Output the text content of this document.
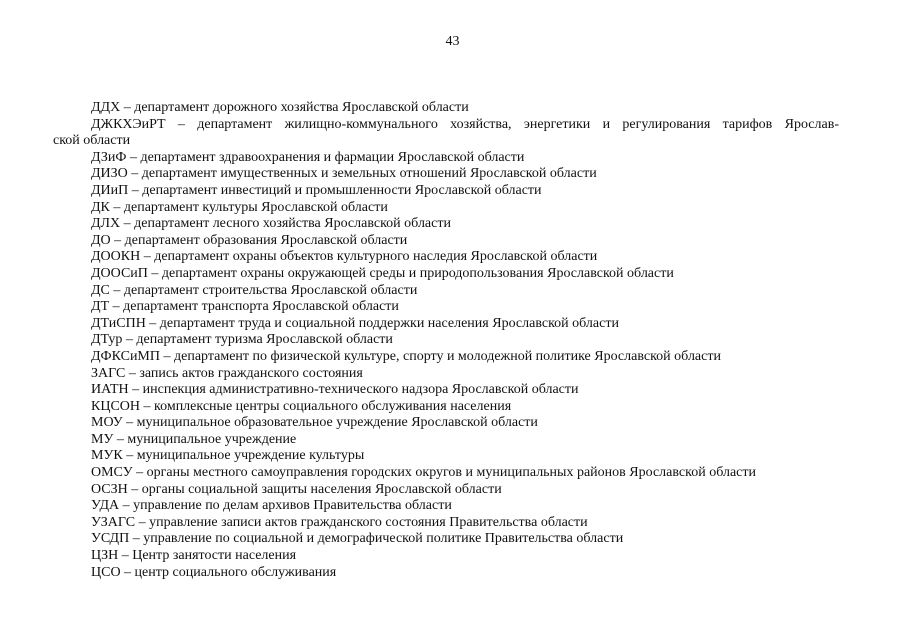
43
ДДХ – департамент дорожного хозяйства Ярославской области
ДЖКХЭиРТ – департамент жилищно-коммунального хозяйства, энергетики и регулирования тарифов Ярослав-
ской области
ДЗиФ – департамент здравоохранения и фармации Ярославской области
ДИЗО – департамент имущественных и земельных отношений Ярославской области
ДИиП – департамент инвестиций и промышленности Ярославской области
ДК – департамент культуры Ярославской области
ДЛХ – департамент лесного хозяйства Ярославской области
ДО – департамент образования Ярославской области
ДООКН – департамент охраны объектов культурного наследия Ярославской области
ДООСиП – департамент охраны окружающей среды и природопользования Ярославской области
ДС – департамент строительства Ярославской области
ДТ – департамент транспорта Ярославской области
ДТиСПН – департамент труда и социальной поддержки населения Ярославской области
ДТур – департамент туризма Ярославской области
ДФКСиМП – департамент по физической культуре, спорту и молодежной политике Ярославской области
ЗАГС – запись актов гражданского состояния
ИАТН – инспекция административно-технического надзора Ярославской области
КЦСОН – комплексные центры социального обслуживания населения
МОУ – муниципальное образовательное учреждение Ярославской области
МУ – муниципальное учреждение
МУК – муниципальное учреждение культуры
ОМСУ – органы местного самоуправления городских округов и муниципальных районов Ярославской области
ОСЗН – органы социальной защиты населения Ярославской области
УДА – управление по делам архивов Правительства области
УЗАГС – управление записи актов гражданского состояния Правительства области
УСДП – управление по социальной и демографической политике Правительства области
ЦЗН – Центр занятости населения
ЦСО – центр социального обслуживания
